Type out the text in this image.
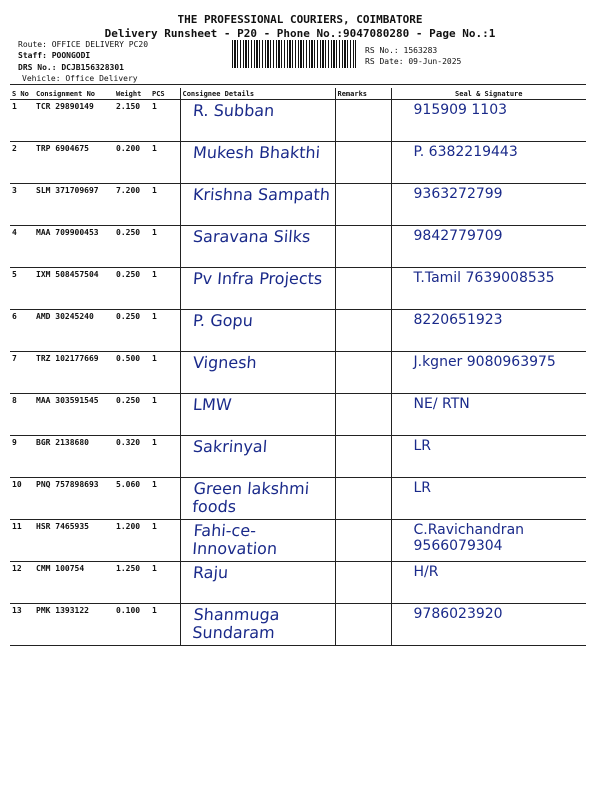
THE PROFESSIONAL COURIERS, COIMBATORE
Delivery Runsheet - P20 - Phone No.:9047080280 - Page No.:1
Route: OFFICE DELIVERY PC20
Staff: POONGODI
DRS No.: DCJB156328301
Vehicle: Office Delivery
RS No.: 1563283
RS Date: 09-Jun-2025
S No	Consignment No	Weight	PCS	Consignee Details	Remarks	Seal & Signature
1	TCR 29890149	2.150	1	R. Subban		915909 1103

2	TRP 6904675	0.200	1	Mukesh Bhakthi		P. 6382219443

3	SLM 371709697	7.200	1	Krishna Sampath		9363272799

4	MAA 709900453	0.250	1	Saravana Silks		9842779709

5	IXM 508457504	0.250	1	Pv Infra Projects		T.Tamil 7639008535

6	AMD 30245240	0.250	1	P. Gopu		8220651923

7	TRZ 102177669	0.500	1	Vignesh		J.kgner 9080963975

8	MAA 303591545	0.250	1	LMW		NE/ RTN

9	BGR 2138680	0.320	1	Sakrinyal		LR

10	PNQ 757898693	5.060	1	Green lakshmi foods		LR

11	HSR 7465935	1.200	1	Fahi-ce- Innovation		C.Ravichandran 9566079304

12	CMM 100754	1.250	1	Raju		H/R

13	PMK 1393122	0.100	1	Shanmuga Sundaram		9786023920
